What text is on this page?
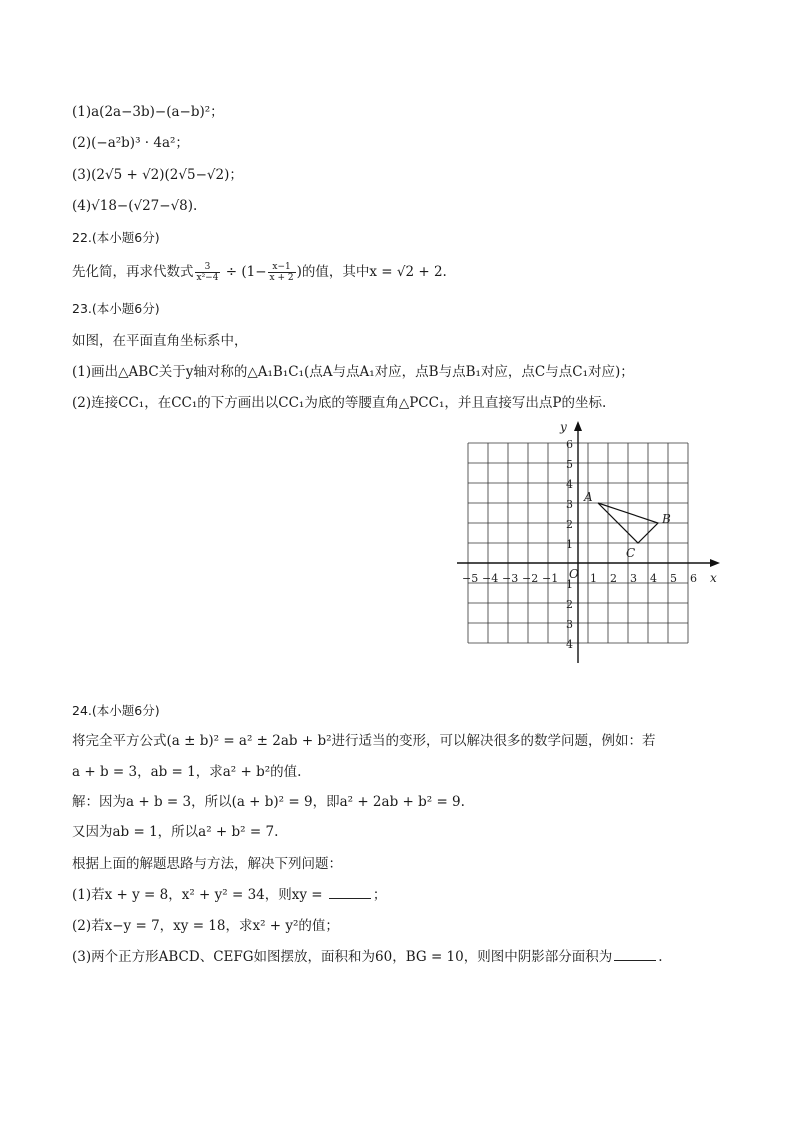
(1)a(2a−3b)−(a−b)²；
(2)(−a²b)³ · 4a²；
(3)(2√5 + √2)(2√5−√2)；
(4)√18−(√27−√8).
22.(本小题6分)
先化简，再求代数式 $\frac{3}{\text{x²−4}} \div (1- \frac{x-1}{x + 2}$ )的值，其中x = √2 + 2.
23.(本小题6分)
如图，在平面直角坐标系中，
(1)画出△ABC关于y轴对称的△A₁B₁C₁(点A与点A₁对应，点B与点B₁对应，点C与点C₁对应)；
(2)连接CC₁，在CC₁的下方画出以CC₁为底的等腰直角△PCC₁，并且直接写出点P的坐标.
x
y
O
−5 −4 −3 −2 −1	1 2 3 4 5 6
6
5
4
3
2
1
1
2
3
4
A
B
C
24.(本小题6分)
将完全平方公式(a ± b)² = a² ± 2ab + b²进行适当的变形，可以解决很多的数学问题，例如：若
a + b = 3，ab = 1，求a² + b²的值.
解：因为a + b = 3，所以(a + b)² = 9，即a² + 2ab + b² = 9.
又因为ab = 1，所以a² + b² = 7.
根据上面的解题思路与方法，解决下列问题：
(1)若x + y = 8，x² + y² = 34，则xy =	；
(2)若x−y = 7，xy = 18，求x² + y²的值；
(3)两个正方形ABCD、CEFG如图摆放，面积和为60，BG = 10，则图中阴影部分面积为	.
